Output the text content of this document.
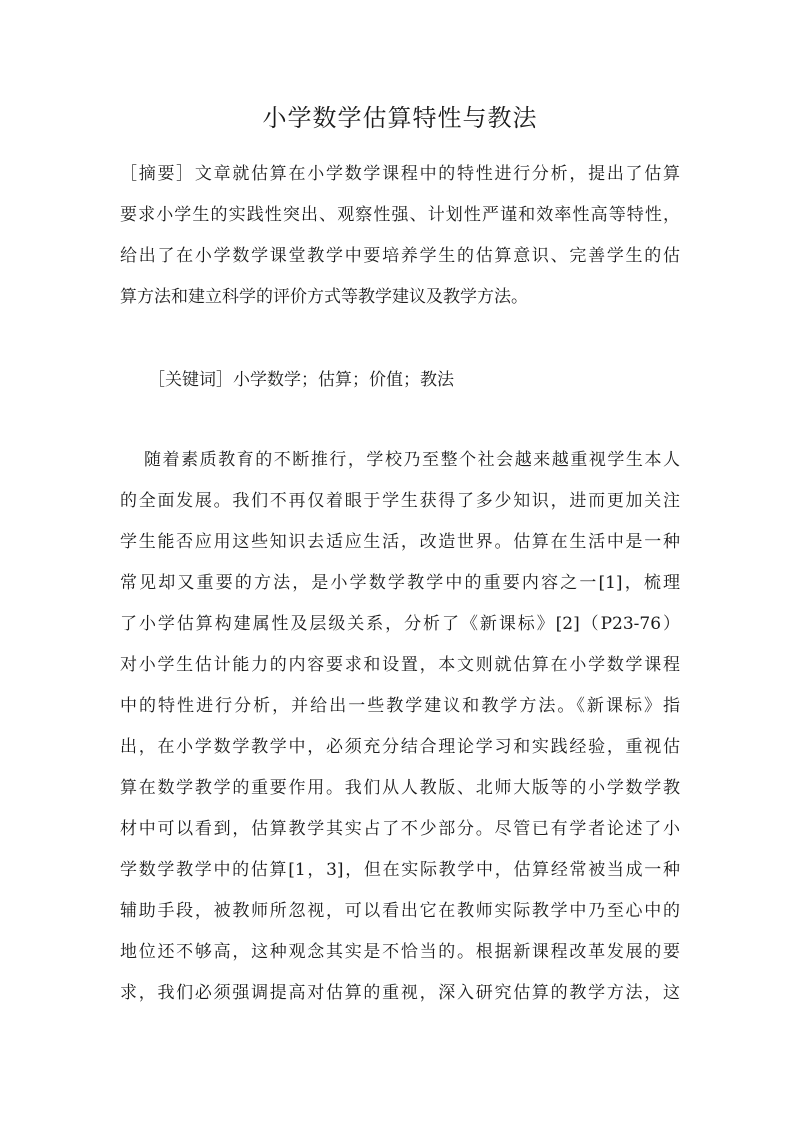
小学数学估算特性与教法
［摘要］文章就估算在小学数学课程中的特性进行分析，提出了估算
要求小学生的实践性突出、观察性强、计划性严谨和效率性高等特性，
给出了在小学数学课堂教学中要培养学生的估算意识、完善学生的估
算方法和建立科学的评价方式等教学建议及教学方法。
［关键词］小学数学；估算；价值；教法
随着素质教育的不断推行，学校乃至整个社会越来越重视学生本人
的全面发展。我们不再仅着眼于学生获得了多少知识，进而更加关注
学生能否应用这些知识去适应生活，改造世界。估算在生活中是一种
常见却又重要的方法，是小学数学教学中的重要内容之一[1]，梳理
了小学估算构建属性及层级关系，分析了《新课标》[2]（P23-76）
对小学生估计能力的内容要求和设置，本文则就估算在小学数学课程
中的特性进行分析，并给出一些教学建议和教学方法。《新课标》指
出，在小学数学教学中，必须充分结合理论学习和实践经验，重视估
算在数学教学的重要作用。我们从人教版、北师大版等的小学数学教
材中可以看到，估算教学其实占了不少部分。尽管已有学者论述了小
学数学教学中的估算[1，3]，但在实际教学中，估算经常被当成一种
辅助手段，被教师所忽视，可以看出它在教师实际教学中乃至心中的
地位还不够高，这种观念其实是不恰当的。根据新课程改革发展的要
求，我们必须强调提高对估算的重视，深入研究估算的教学方法，这
